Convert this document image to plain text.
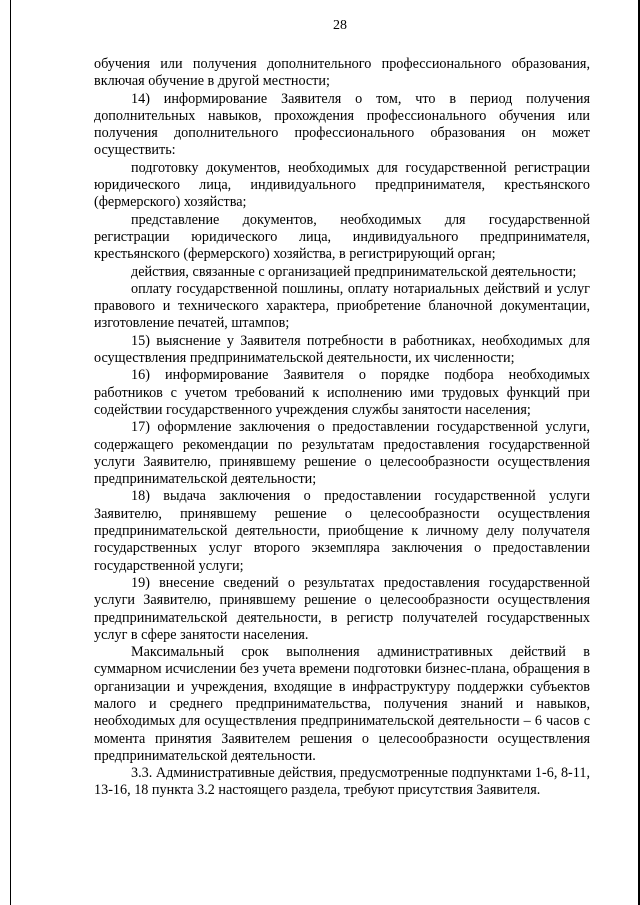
28

обучения или получения дополнительного профессионального образования, включая обучение в другой местности;

14) информирование Заявителя о том, что в период получения дополнительных навыков, прохождения профессионального обучения или получения дополнительного профессионального образования он может осуществить:

подготовку документов, необходимых для государственной регистрации юридического лица, индивидуального предпринимателя, крестьянского (фермерского) хозяйства;

представление документов, необходимых для государственной регистрации юридического лица, индивидуального предпринимателя, крестьянского (фермерского) хозяйства, в регистрирующий орган;

действия, связанные с организацией предпринимательской деятельности;

оплату государственной пошлины, оплату нотариальных действий и услуг правового и технического характера, приобретение бланочной документации, изготовление печатей, штампов;

15) выяснение у Заявителя потребности в работниках, необходимых для осуществления предпринимательской деятельности, их численности;

16) информирование Заявителя о порядке подбора необходимых работников с учетом требований к исполнению ими трудовых функций при содействии государственного учреждения службы занятости населения;

17) оформление заключения о предоставлении государственной услуги, содержащего рекомендации по результатам предоставления государственной услуги Заявителю, принявшему решение о целесообразности осуществления предпринимательской деятельности;

18) выдача заключения о предоставлении государственной услуги Заявителю, принявшему решение о целесообразности осуществления предпринимательской деятельности, приобщение к личному делу получателя государственных услуг второго экземпляра заключения о предоставлении государственной услуги;

19) внесение сведений о результатах предоставления государственной услуги Заявителю, принявшему решение о целесообразности осуществления предпринимательской деятельности, в регистр получателей государственных услуг в сфере занятости населения.

Максимальный срок выполнения административных действий в суммарном исчислении без учета времени подготовки бизнес-плана, обращения в организации и учреждения, входящие в инфраструктуру поддержки субъектов малого и среднего предпринимательства, получения знаний и навыков, необходимых для осуществления предпринимательской деятельности – 6 часов с момента принятия Заявителем решения о целесообразности осуществления предпринимательской деятельности.

3.3. Административные действия, предусмотренные подпунктами 1-6, 8-11, 13-16, 18 пункта 3.2 настоящего раздела, требуют присутствия Заявителя.
